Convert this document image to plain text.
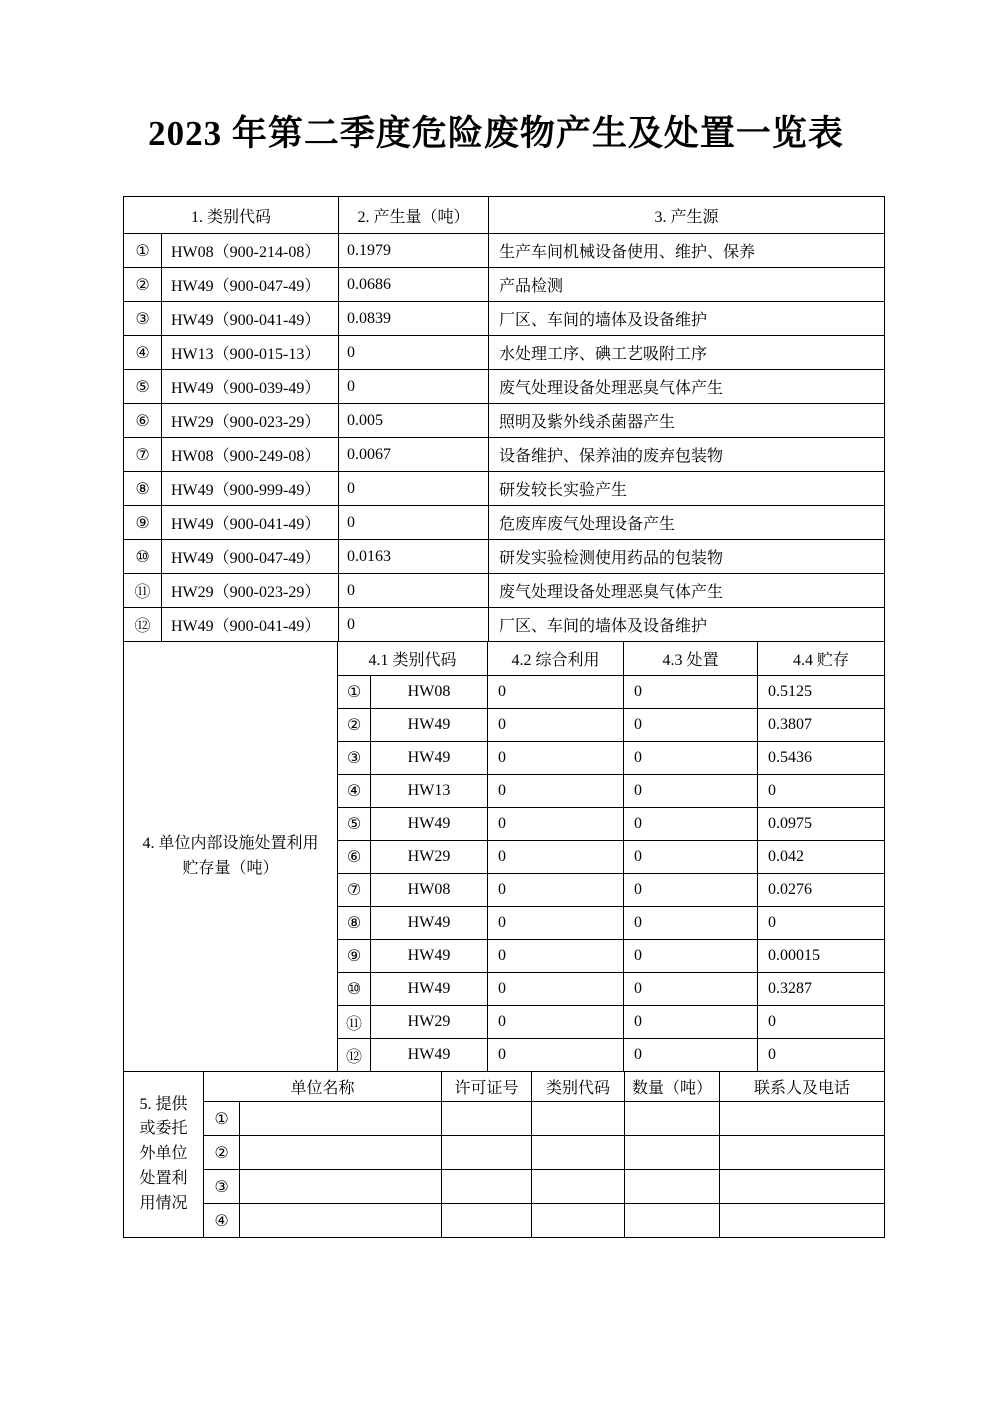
2023 年第二季度危险废物产生及处置一览表
1. 类别代码		2. 产生量（吨）	3. 产生源
①	HW08（900-214-08）	0.1979	生产车间机械设备使用、维护、保养
②	HW49（900-047-49）	0.0686	产品检测
③	HW49（900-041-49）	0.0839	厂区、车间的墙体及设备维护
④	HW13（900-015-13）	0	水处理工序、碘工艺吸附工序
⑤	HW49（900-039-49）	0	废气处理设备处理恶臭气体产生
⑥	HW29（900-023-29）	0.005	照明及紫外线杀菌器产生
⑦	HW08（900-249-08）	0.0067	设备维护、保养油的废弃包装物
⑧	HW49（900-999-49）	0	研发较长实验产生
⑨	HW49（900-041-49）	0	危废库废气处理设备产生
⑩	HW49（900-047-49）	0.0163	研发实验检测使用药品的包装物
⑪	HW29（900-023-29）	0	废气处理设备处理恶臭气体产生
⑫	HW49（900-041-49）	0	厂区、车间的墙体及设备维护
4. 单位内部设施处置利用
贮存量（吨）	4.1 类别代码		4.2 综合利用	4.3 处置	4.4 贮存
	①	HW08	0	0	0.5125
	②	HW49	0	0	0.3807
	③	HW49	0	0	0.5436
	④	HW13	0	0	0
	⑤	HW49	0	0	0.0975
	⑥	HW29	0	0	0.042
	⑦	HW08	0	0	0.0276
	⑧	HW49	0	0	0
	⑨	HW49	0	0	0.00015
	⑩	HW49	0	0	0.3287
	⑪	HW29	0	0	0
	⑫	HW49	0	0	0
5. 提供
或委托
外单位
处置利
用情况	单位名称		许可证号	类别代码	数量（吨）	联系人及电话
	①					
	②					
	③					
	④					
